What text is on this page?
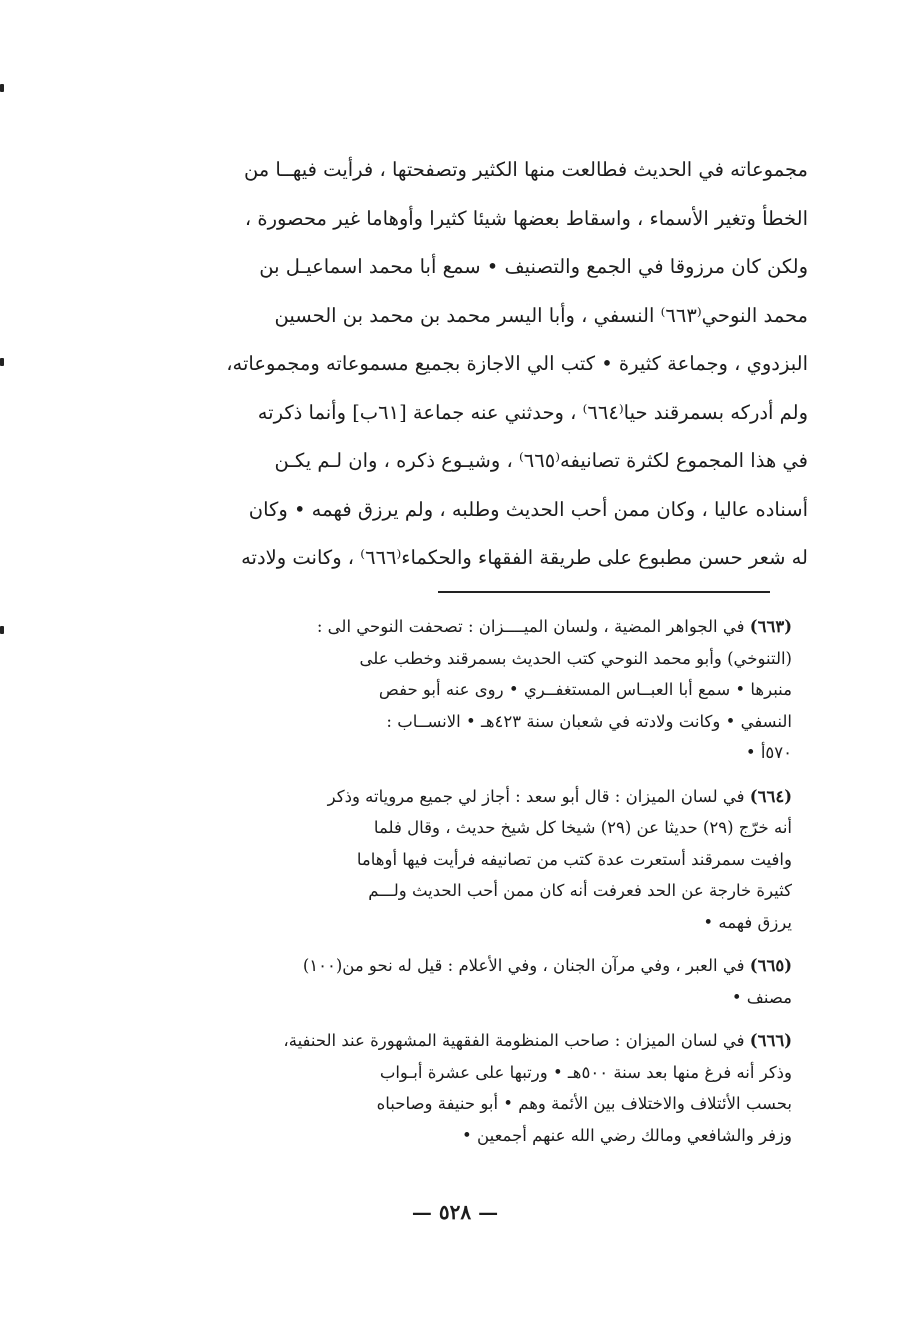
مجموعاته في الحديث فطالعت منها الكثير وتصفحتها ، فرأيت فيهــا من
الخطأ وتغير الأسماء ، واسقاط بعضها شيئا كثيرا وأوهاما غير محصورة ،
ولكن كان مرزوقا في الجمع والتصنيف • سمع أبا محمد اسماعيـل بن
محمد النوحي⁽٦٦٣⁾ النسفي ، وأبا اليسر محمد بن محمد بن الحسين
البزدوي ، وجماعة كثيرة • كتب الي الاجازة بجميع مسموعاته ومجموعاته،
ولم أدركه بسمرقند حيا⁽٦٦٤⁾ ، وحدثني عنه جماعة [٦١ب] وأنما ذكرته
في هذا المجموع لكثرة تصانيفه⁽٦٦٥⁾ ، وشيـوع ذكره ، وان لـم يكـن
أسناده عاليا ، وكان ممن أحب الحديث وطلبه ، ولم يرزق فهمه • وكان
له شعر حسن مطبوع على طريقة الفقهاء والحكماء⁽٦٦٦⁾ ، وكانت ولادته
(٦٦٣) في الجواهر المضية ، ولسان الميــــزان : تصحفت النوحي الى :
(التنوخي) وأبو محمد النوحي كتب الحديث بسمرقند وخطب على
منبرها • سمع أبا العبــاس المستغفــري • روى عنه أبو حفص
النسفي • وكانت ولادته في شعبان سنة ٤٢٣هـ • الانســاب :
٥٧٠أ •
(٦٦٤) في لسان الميزان : قال أبو سعد : أجاز لي جميع مروياته وذكر
أنه خرّج (٢٩) حديثا عن (٢٩) شيخا كل شيخ حديث ، وقال فلما
وافيت سمرقند أستعرت عدة كتب من تصانيفه فرأيت فيها أوهاما
كثيرة خارجة عن الحد فعرفت أنه كان ممن أحب الحديث ولـــم
يرزق فهمه •
(٦٦٥) في العبر ، وفي مرآن الجنان ، وفي الأعلام : قيل له نحو من(١٠٠)
مصنف •
(٦٦٦) في لسان الميزان : صاحب المنظومة الفقهية المشهورة عند الحنفية،
وذكر أنه فرغ منها بعد سنة ٥٠٠هـ • ورتبها على عشرة أبـواب
بحسب الأئتلاف والاختلاف بين الأئمة وهم • أبو حنيفة وصاحباه
وزفر والشافعي ومالك رضي الله عنهم أجمعين •
— ٥٢٨ —
